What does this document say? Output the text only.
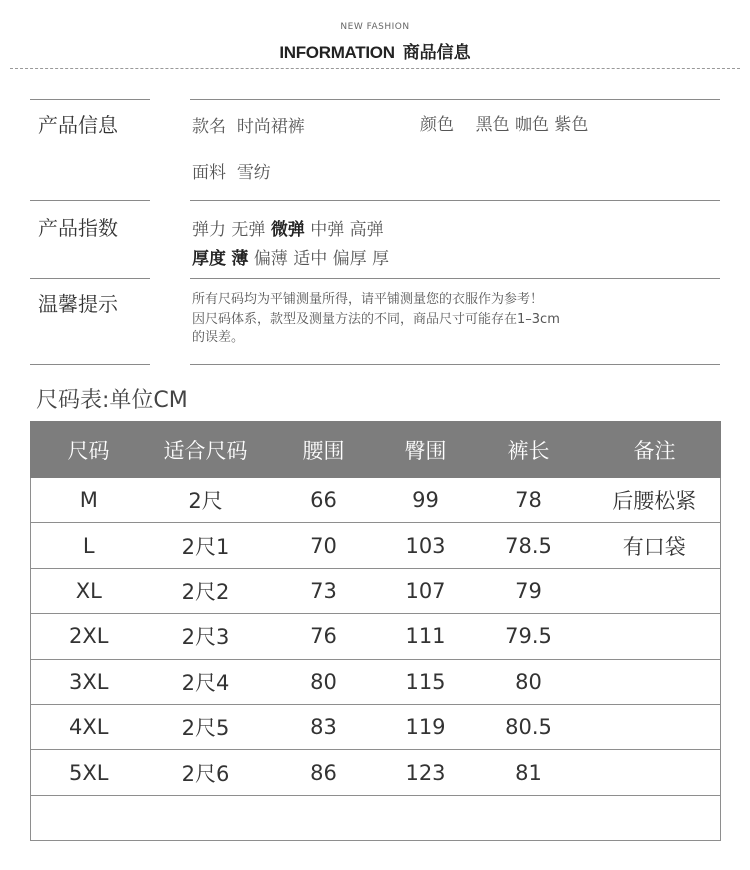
NEW FASHION
INFORMATION 商品信息
产品信息	款名 时尚裙裤	颜色 黑色 咖色 紫色
面料 雪纺
产品指数	弹力 无弹 微弹 中弹 高弹
厚度 薄 偏薄 适中 偏厚 厚
温馨提示	所有尺码均为平铺测量所得，请平铺测量您的衣服作为参考！
因尺码体系，款型及测量方法的不同，商品尺寸可能存在1–3cm
的误差。
尺码表:单位CM
尺码	适合尺码	腰围	臀围	裤长	备注
M	2尺	66	99	78	后腰松紧
L	2尺1	70	103	78.5	有口袋
XL	2尺2	73	107	79	
2XL	2尺3	76	111	79.5	
3XL	2尺4	80	115	80	
4XL	2尺5	83	119	80.5	
5XL	2尺6	86	123	81	
